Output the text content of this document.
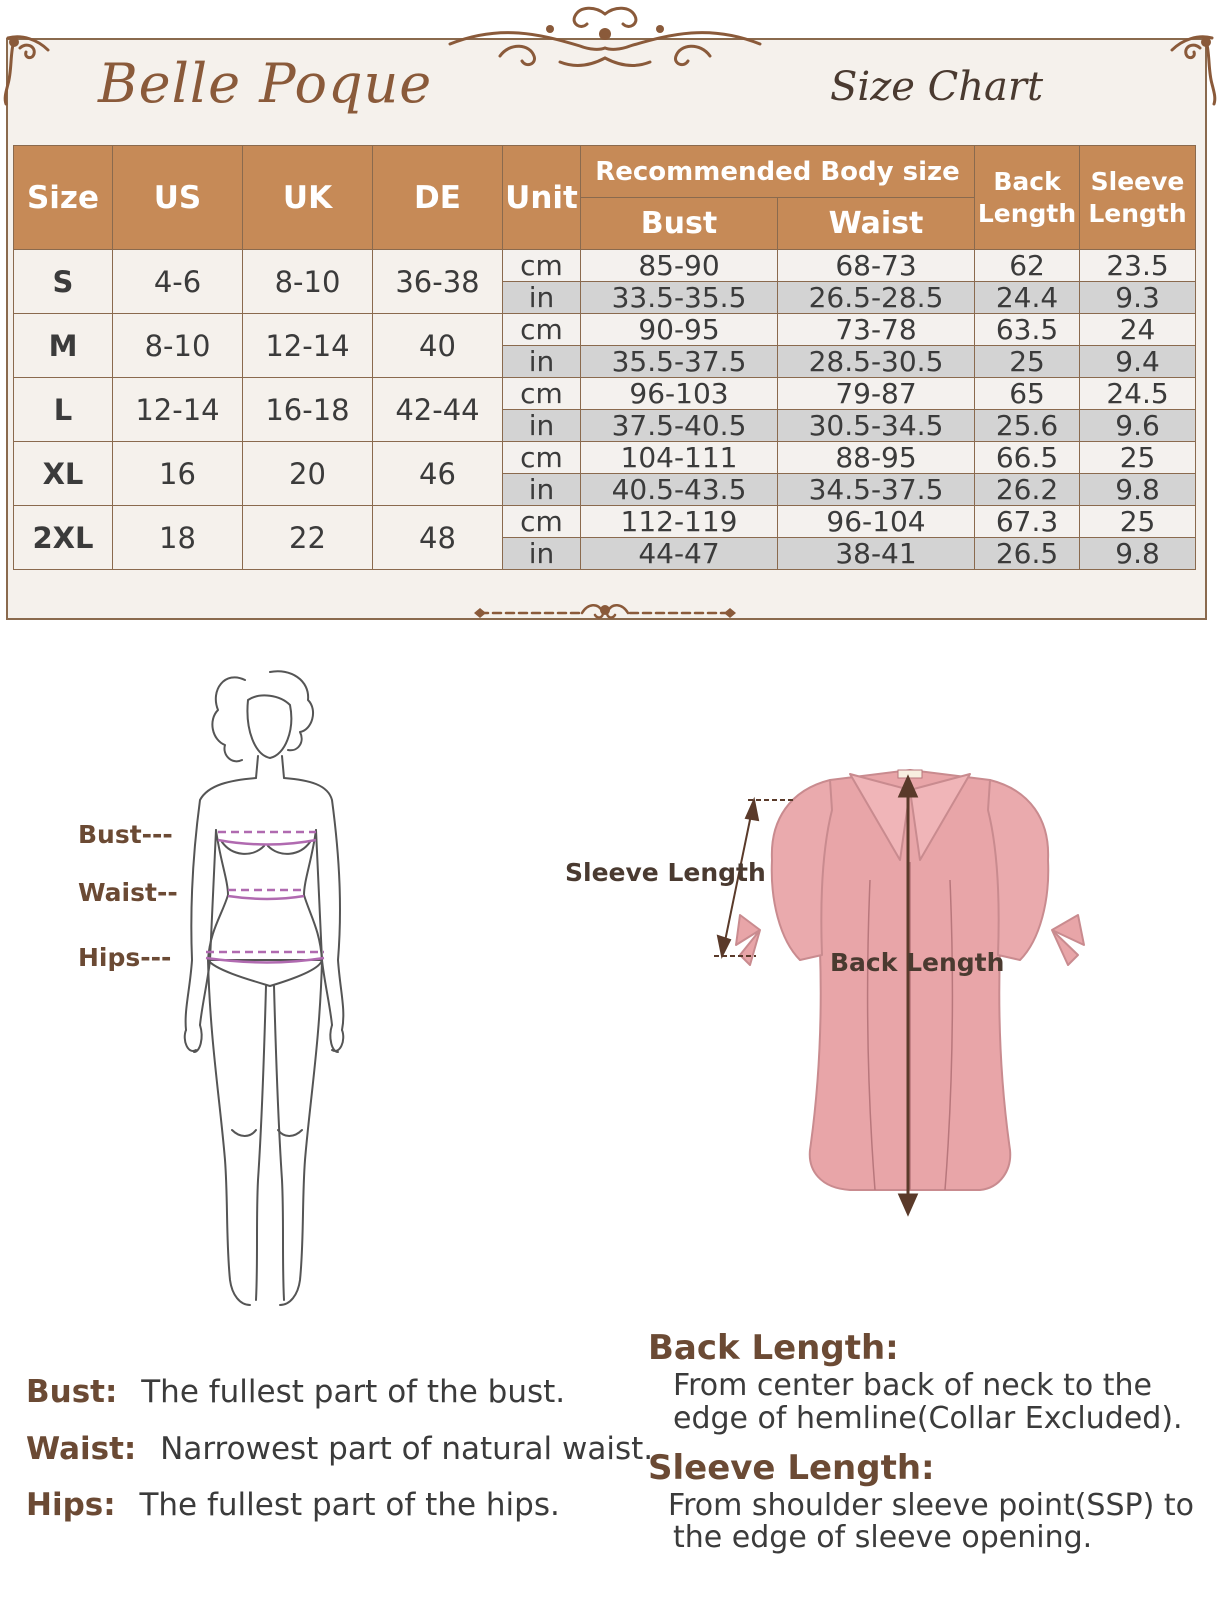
Belle Poque	Size Chart
Size	US	UK	DE	Unit	Recommended Body size		Back Length	Sleeve Length
					Bust	Waist		
S	4-6	8-10	36-38	cm	85-90	68-73	62	23.5
				in	33.5-35.5	26.5-28.5	24.4	9.3
M	8-10	12-14	40	cm	90-95	73-78	63.5	24
				in	35.5-37.5	28.5-30.5	25	9.4
L	12-14	16-18	42-44	cm	96-103	79-87	65	24.5
				in	37.5-40.5	30.5-34.5	25.6	9.6
XL	16	20	46	cm	104-111	88-95	66.5	25
				in	40.5-43.5	34.5-37.5	26.2	9.8
2XL	18	22	48	cm	112-119	96-104	67.3	25
				in	44-47	38-41	26.5	9.8
Bust---
Waist--
Hips---
Sleeve Length
Back Length
Bust: The fullest part of the bust.
Waist: Narrowest part of natural waist.
Hips: The fullest part of the hips.
Back Length:
From center back of neck to the
edge of hemline(Collar Excluded).
Sleeve Length:
From shoulder sleeve point(SSP) to
the edge of sleeve opening.
